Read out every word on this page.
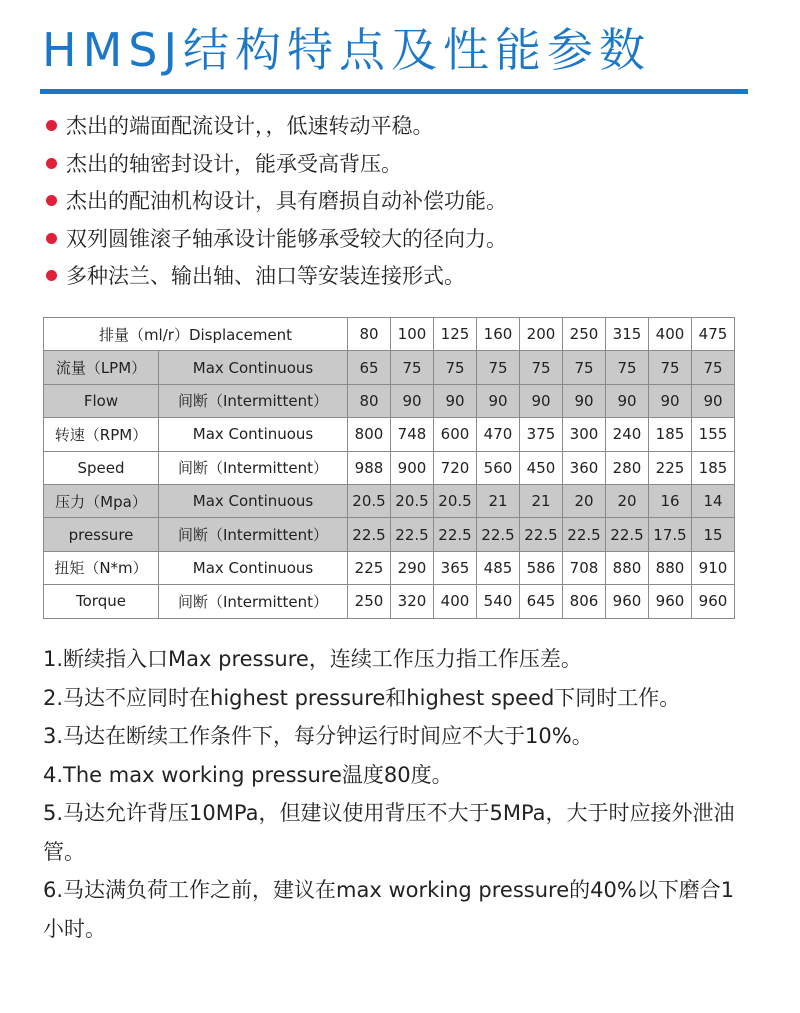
HMSJ结构特点及性能参数
杰出的端面配流设计，，低速转动平稳。
杰出的轴密封设计，能承受高背压。
杰出的配油机构设计，具有磨损自动补偿功能。
双列圆锥滚子轴承设计能够承受较大的径向力。
多种法兰、输出轴、油口等安装连接形式。
排量（ml/r）Displacement		80	100	125	160	200	250	315	400	475
流量（LPM）	Max Continuous	65	75	75	75	75	75	75	75	75
Flow	间断（Intermittent）	80	90	90	90	90	90	90	90	90
转速（RPM）	Max Continuous	800	748	600	470	375	300	240	185	155
Speed	间断（Intermittent）	988	900	720	560	450	360	280	225	185
压力（Mpa）	Max Continuous	20.5	20.5	20.5	21	21	20	20	16	14
pressure	间断（Intermittent）	22.5	22.5	22.5	22.5	22.5	22.5	22.5	17.5	15
扭矩（N*m）	Max Continuous	225	290	365	485	586	708	880	880	910
Torque	间断（Intermittent）	250	320	400	540	645	806	960	960	960
1.断续指入口Max pressure，连续工作压力指工作压差。
2.马达不应同时在highest pressure和highest speed下同时工作。
3.马达在断续工作条件下，每分钟运行时间应不大于10%。
4.The max working pressure温度80度。
5.马达允许背压10MPa，但建议使用背压不大于5MPa，大于时应接外泄油管。
6.马达满负荷工作之前，建议在max working pressure的40%以下磨合1小时。
